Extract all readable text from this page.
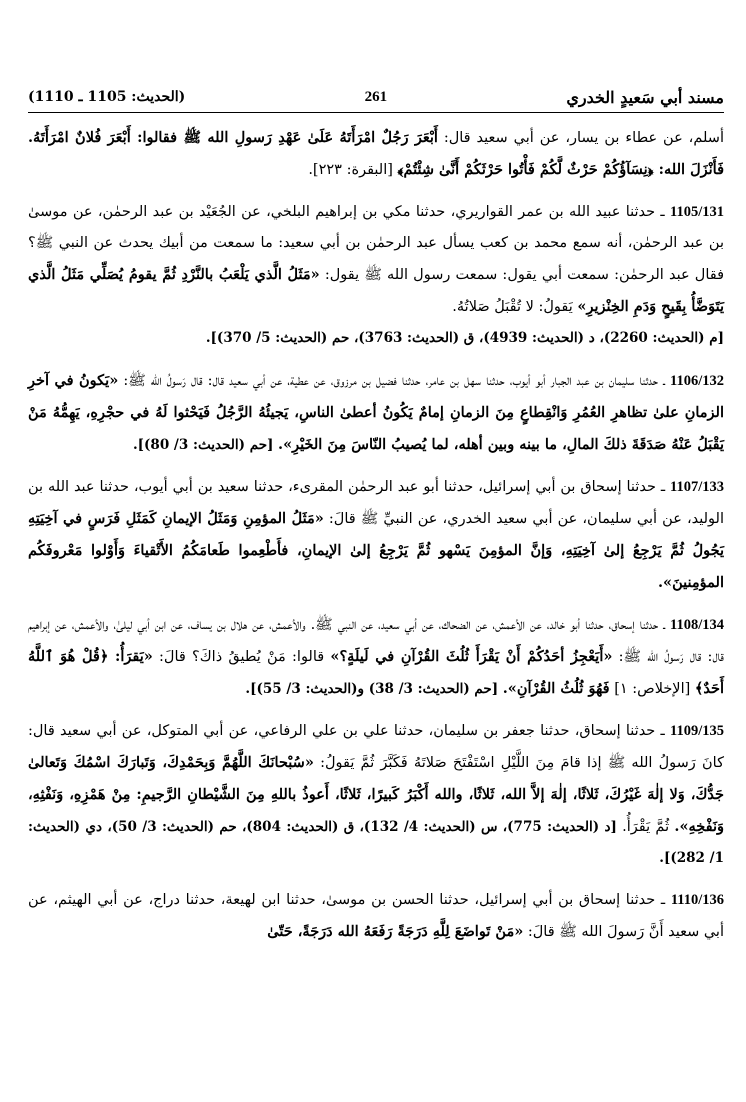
مسند أبي سَعيدٍ الخدري
261
(الحديث: 1105 ـ 1110)

أسلم، عن عطاء بن يسار، عن أبي سعيد قال: أَبْعَرَ رَجُلٌ امْرَأَتَهُ عَلَىٰ عَهْدِ رَسولِ الله ﷺ فقالوا: أَبْعَرَ فُلانٌ امْرَأَتَهُ. فَأَنْزَلَ الله: ﴿نِسَآؤُكُمْ حَرْثٌ لَّكُمْ فَأْتُوا حَرْثَكُمْ أَنَّىٰ شِئْتُمْ﴾ [البقرة: ٢٢٣].

1105/131 ـ حدثنا عبيد الله بن عمر القواريري، حدثنا مكي بن إبراهيم البلخي، عن الجُعَيْد بن عبد الرحمٰن، عن موسىٰ بن عبد الرحمٰن، أنه سمع محمد بن كعب يسأل عبد الرحمٰن بن أبي سعيد: ما سمعت من أبيك يحدث عن النبي ﷺ؟ فقال عبد الرحمٰن: سمعت أبي يقول: سمعت رسول الله ﷺ يقول: «مَثَلُ الَّذي يَلْعَبُ بالنَّرْدِ ثُمَّ يقومُ يُصَلِّي مَثَلُ الَّذي يَتَوَضَّأُ بِقَيحٍ وَدَمِ الخِنْزيرِ» يَقولُ: لا تُقْبَلُ صَلاتُهُ.
[م (الحديث: 2260)، د (الحديث: 4939)، ق (الحديث: 3763)، حم (الحديث: 5/ 370)].

1106/132 ـ حدثنا سليمان بن عبد الجبار أبو أيوب، حدثنا سهل بن عامر، حدثنا فضيل بن مرزوق، عن عطية، عن أبي سعيد قال: قال رَسولُ الله ﷺ: «يَكونُ في آخرِ الزمانِ علىٰ تظاهرِ العُمُرِ وَانْقِطاعٍ مِنَ الزمانِ إمامٌ يَكُونُ أعطىٰ الناسِ، يَجيئُهُ الرَّجُلُ فَيَحْثوا لَهُ في حجْرِهِ، يَهِمُّهُ مَنْ يَقْبَلُ عَنْهُ صَدَقَةَ ذلكَ المالِ، ما بينه وبين أهله، لما يُصيبُ النّاسَ مِنَ الخَيْرِ». [حم (الحديث: 3/ 80)].

1107/133 ـ حدثنا إسحاق بن أبي إسرائيل، حدثنا أبو عبد الرحمٰن المقرىء، حدثنا سعيد بن أبي أيوب، حدثنا عبد الله بن الوليد، عن أبي سليمان، عن أبي سعيد الخدري، عن النبيِّ ﷺ قالَ: «مَثَلُ المؤمِنِ وَمَثَلُ الإيمانِ كَمَثَلِ فَرَسٍ في آخِيَتِهِ يَجُولُ ثُمَّ يَرْجِعُ إلىٰ آخِيَتِهِ، وَإنَّ المؤمِنَ يَسْهو ثُمَّ يَرْجِعُ إلىٰ الإيمانِ، فأَطْعِموا طَعامَكُمُ الأَتْقياءَ وَأَوْلوا مَعْروفَكُم المؤمِنينَ».

1108/134 ـ حدثنا إسحاق، حدثنا أبو خالد، عن الأعمش، عن الضحاك، عن أبي سعيد، عن النبي ﷺ. والأعمش، عن هلال بن يساف، عن ابن أبي ليلىٰ، والأعمش، عن إبراهيم قال: قال رَسولُ الله ﷺ: «أَيَعْجِزُ أحَدُكُمْ أَنْ يَقْرَأَ ثُلُثَ القُرْآنِ في لَيلَةٍ؟» قالوا: مَنْ يُطيقُ ذاكَ؟ قالَ: «يَقرَأُ: ﴿قُلْ هُوَ ٱللَّهُ أَحَدٌ﴾ [الإخلاص: ١] فَهُوَ ثُلُثُ القُرْآنِ». [حم (الحديث: 3/ 38) و(الحديث: 3/ 55)].

1109/135 ـ حدثنا إسحاق، حدثنا جعفر بن سليمان، حدثنا علي بن علي الرفاعي، عن أبي المتوكل، عن أبي سعيد قال: كانَ رَسولُ الله ﷺ إذا قامَ مِنَ اللَّيْلِ اسْتَفْتَحَ صَلاتَهُ فَكَبَّرَ ثُمَّ يَقولُ: «سُبْحانَكَ اللَّهُمَّ وَبِحَمْدِكَ، وَتَبارَكَ اسْمُكَ وَتَعالىٰ جَدُّكَ، وَلا إلٰهَ غَيْرُكَ، ثَلاثًا، إلٰهَ إلاَّ الله، ثَلاثًا، والله أَكْبَرُ كَبيرًا، ثَلاثًا، أَعوذُ باللهِ مِنَ الشَّيْطانِ الرَّجيمِ: مِنْ هَمْزِهِ، وَنَفْثِهِ، وَنَفْخِهِ». ثُمَّ يَقْرَأُ. [د (الحديث: 775)، س (الحديث: 4/ 132)، ق (الحديث: 804)، حم (الحديث: 3/ 50)، دي (الحديث: 1/ 282)].

1110/136 ـ حدثنا إسحاق بن أبي إسرائيل، حدثنا الحسن بن موسىٰ، حدثنا ابن لهيعة، حدثنا دراج، عن أبي الهيثم، عن أبي سعيد أَنَّ رَسولَ الله ﷺ قالَ: «مَنْ تَواضَعَ لِلَّهِ دَرَجَةً رَفَعَهُ الله دَرَجَةً، حَتّىٰ
